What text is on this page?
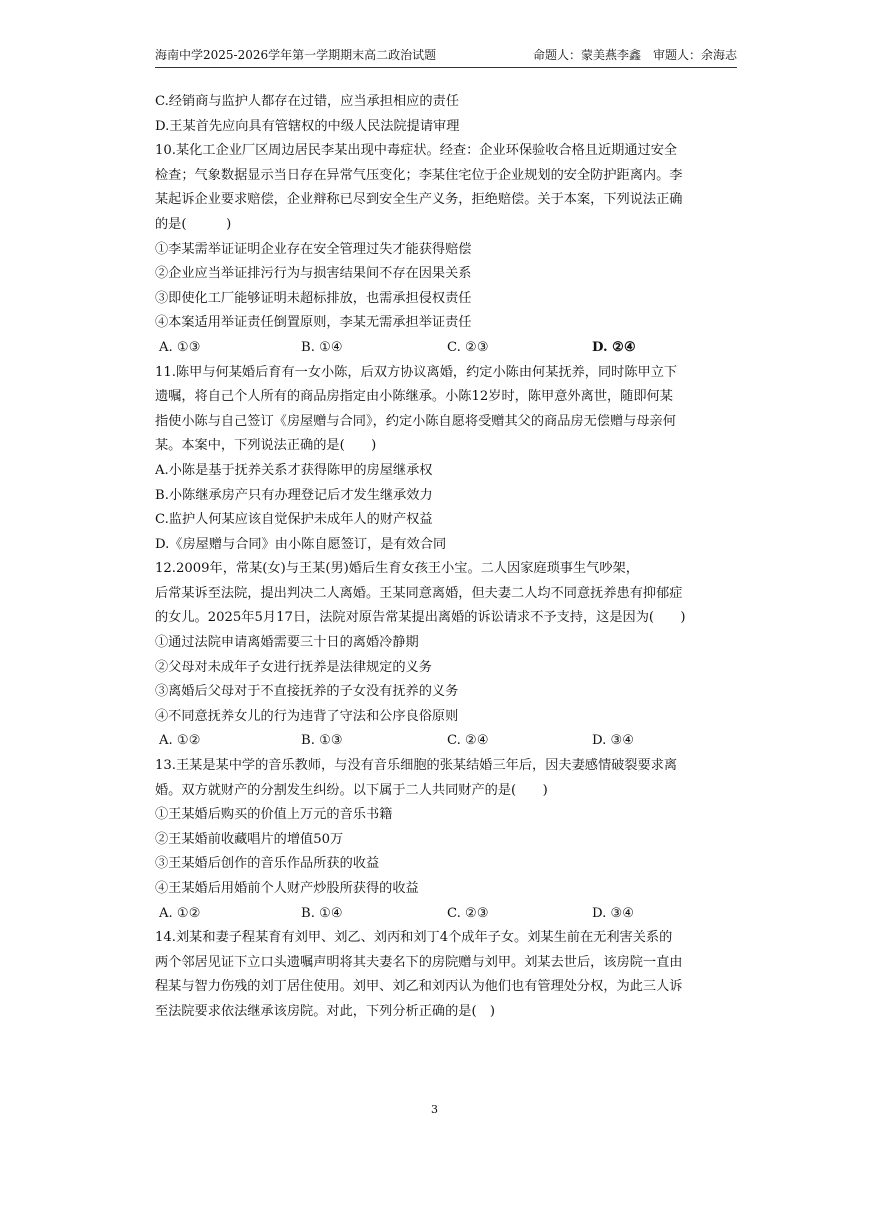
海南中学2025-2026学年第一学期期末高二政治试题	命题人：蒙美燕李鑫　审题人：余海志
C.经销商与监护人都存在过错，应当承担相应的责任
D.王某首先应向具有管辖权的中级人民法院提请审理
10.某化工企业厂区周边居民李某出现中毒症状。经查：企业环保验收合格且近期通过安全
检查；气象数据显示当日存在异常气压变化；李某住宅位于企业规划的安全防护距离内。李
某起诉企业要求赔偿，企业辩称已尽到安全生产义务，拒绝赔偿。关于本案，下列说法正确
的是(　　　)
①李某需举证证明企业存在安全管理过失才能获得赔偿
②企业应当举证排污行为与损害结果间不存在因果关系
③即使化工厂能够证明未超标排放，也需承担侵权责任
④本案适用举证责任倒置原则，李某无需承担举证责任
A. ①③	B. ①④	C. ②③	D. ②④
11.陈甲与何某婚后育有一女小陈，后双方协议离婚，约定小陈由何某抚养，同时陈甲立下
遗嘱，将自己个人所有的商品房指定由小陈继承。小陈12岁时，陈甲意外离世，随即何某
指使小陈与自己签订《房屋赠与合同》，约定小陈自愿将受赠其父的商品房无偿赠与母亲何
某。本案中，下列说法正确的是(　　)
A.小陈是基于抚养关系才获得陈甲的房屋继承权
B.小陈继承房产只有办理登记后才发生继承效力
C.监护人何某应该自觉保护未成年人的财产权益
D.《房屋赠与合同》由小陈自愿签订，是有效合同
12.2009年，常某(女)与王某(男)婚后生育女孩王小宝。二人因家庭琐事生气吵架，
后常某诉至法院，提出判决二人离婚。王某同意离婚，但夫妻二人均不同意抚养患有抑郁症
的女儿。2025年5月17日，法院对原告常某提出离婚的诉讼请求不予支持，这是因为(　　)
①通过法院申请离婚需要三十日的离婚冷静期
②父母对未成年子女进行抚养是法律规定的义务
③离婚后父母对于不直接抚养的子女没有抚养的义务
④不同意抚养女儿的行为违背了守法和公序良俗原则
A. ①②	B. ①③	C. ②④	D. ③④
13.王某是某中学的音乐教师，与没有音乐细胞的张某结婚三年后，因夫妻感情破裂要求离
婚。双方就财产的分割发生纠纷。以下属于二人共同财产的是(　　)
①王某婚后购买的价值上万元的音乐书籍
②王某婚前收藏唱片的增值50万
③王某婚后创作的音乐作品所获的收益
④王某婚后用婚前个人财产炒股所获得的收益
A. ①②	B. ①④	C. ②③	D. ③④
14.刘某和妻子程某育有刘甲、刘乙、刘丙和刘丁4个成年子女。刘某生前在无利害关系的
两个邻居见证下立口头遗嘱声明将其夫妻名下的房院赠与刘甲。刘某去世后，该房院一直由
程某与智力伤残的刘丁居住使用。刘甲、刘乙和刘丙认为他们也有管理处分权，为此三人诉
至法院要求依法继承该房院。对此，下列分析正确的是(　)
3
